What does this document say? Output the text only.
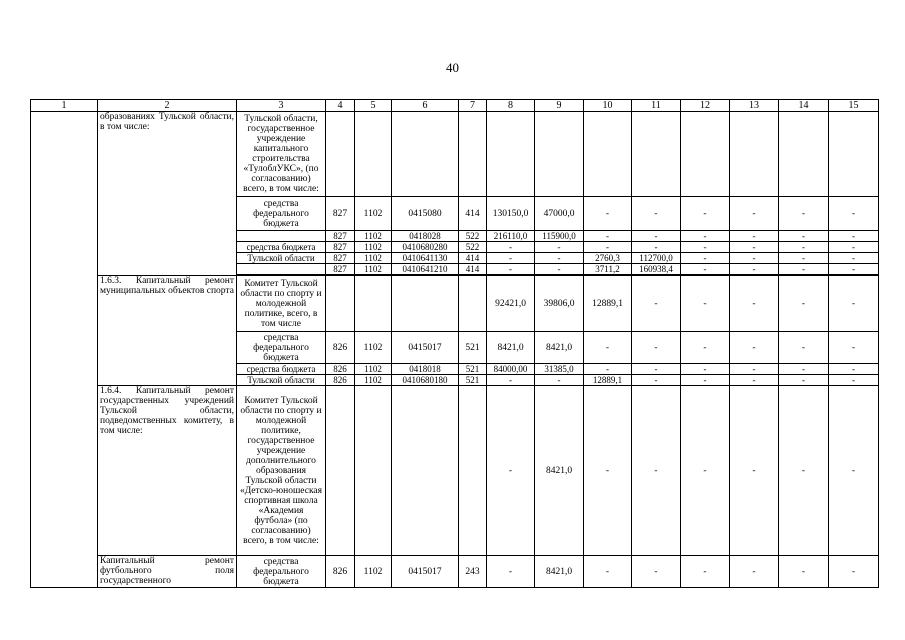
40
1	2	3	4	5	6	7	8	9	10	11	12	13	14	15
	образованиях Тульской области, в том числе:	Тульской области, государственное учреждение капитального строительства «ТулоблУКС», (по согласованию) всего, в том числе:												
		средства федерального бюджета	827	1102	0415080	414	130150,0	47000,0	-	-	-	-	-	-
			827	1102	0418028	522	216110,0	115900,0	-	-	-	-	-	-
		средства бюджета	827	1102	0410680280	522	-	-	-	-	-	-	-	-
		Тульской области	827	1102	0410641130	414	-	-	2760,3	112700,0	-	-	-	-
			827	1102	0410641210	414	-	-	3711,2	160938,4	-	-	-	-

	1.6.3. Капитальный ремонт муниципальных объектов спорта	Комитет Тульской области по спорту и молодежной политике, всего, в том числе					92421,0	39806,0	12889,1	-	-	-	-	-
		средства федерального бюджета	826	1102	0415017	521	8421,0	8421,0	-	-	-	-	-	-
		средства бюджета	826	1102	0418018	521	84000,00	31385,0	-	-	-	-	-	-
		Тульской области	826	1102	0410680180	521	-	-	12889,1	-	-	-	-	-
	1.6.4. Капитальный ремонт государственных учреждений Тульской области, подведомственных комитету, в том числе:	Комитет Тульской области по спорту и молодежной политике, государственное учреждение дополнительного образования Тульской области «Детско-юношеская спортивная школа «Академия футбола» (по согласованию) всего, в том числе:					-	8421,0	-	-	-	-	-	-
	Капитальный ремонт футбольного поля государственного	средства федерального бюджета	826	1102	0415017	243	-	8421,0	-	-	-	-	-	-
